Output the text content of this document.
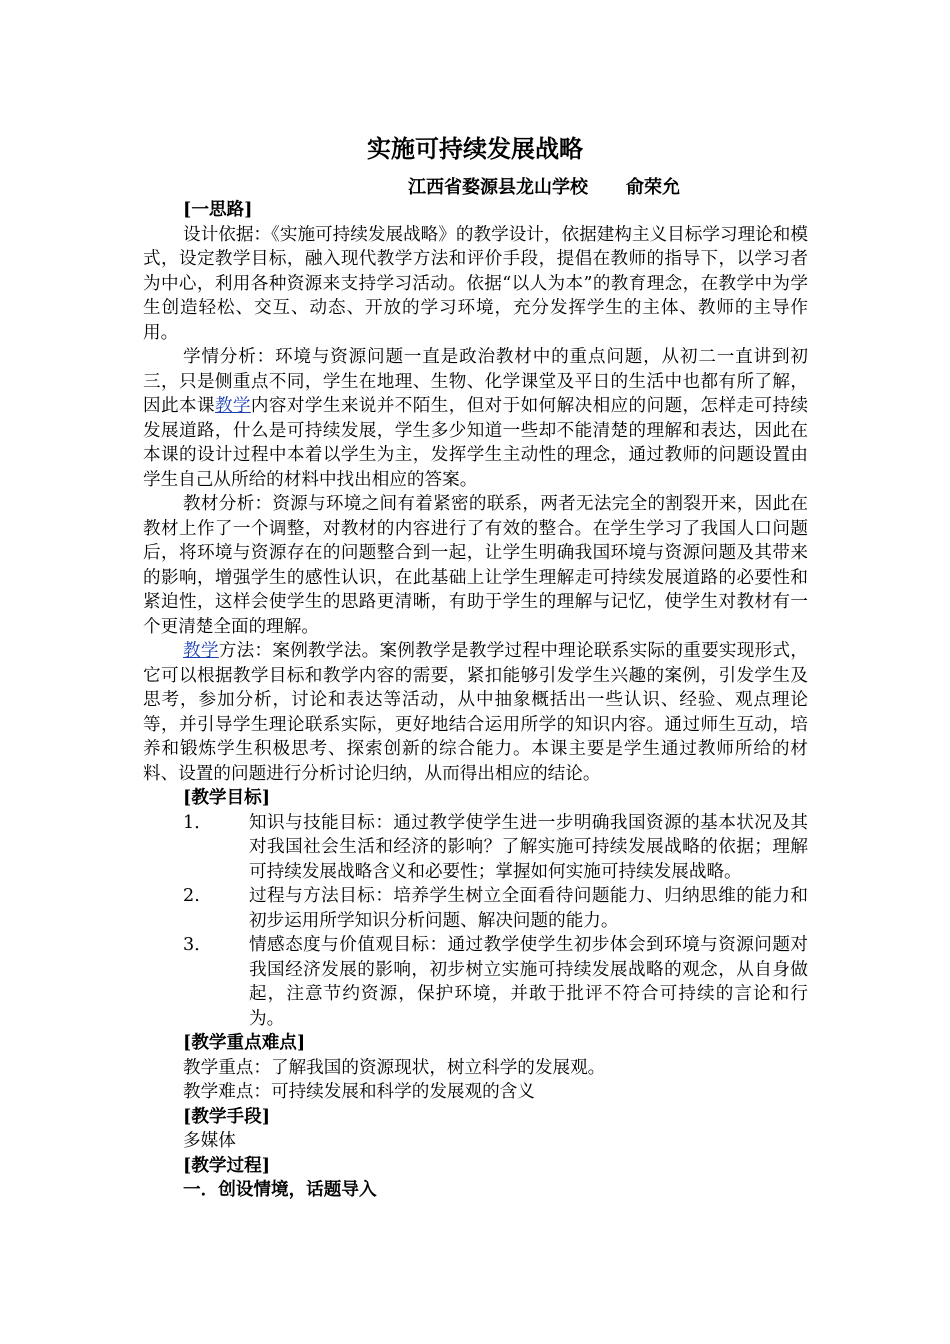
实施可持续发展战略
江西省婺源县龙山学校 俞荣允
[一思路]

设计依据：《实施可持续发展战略》的教学设计，依据建构主义目标学习理论和模式，设定教学目标，融入现代教学方法和评价手段，提倡在教师的指导下，以学习者为中心，利用各种资源来支持学习活动。依据“以人为本”的教育理念，在教学中为学生创造轻松、交互、动态、开放的学习环境，充分发挥学生的主体、教师的主导作用。

学情分析：环境与资源问题一直是政治教材中的重点问题，从初二一直讲到初三，只是侧重点不同，学生在地理、生物、化学课堂及平日的生活中也都有所了解，因此本课教学内容对学生来说并不陌生，但对于如何解决相应的问题，怎样走可持续发展道路，什么是可持续发展，学生多少知道一些却不能清楚的理解和表达，因此在本课的设计过程中本着以学生为主，发挥学生主动性的理念，通过教师的问题设置由学生自己从所给的材料中找出相应的答案。

教材分析：资源与环境之间有着紧密的联系，两者无法完全的割裂开来，因此在教材上作了一个调整，对教材的内容进行了有效的整合。在学生学习了我国人口问题后，将环境与资源存在的问题整合到一起，让学生明确我国环境与资源问题及其带来的影响，增强学生的感性认识，在此基础上让学生理解走可持续发展道路的必要性和紧迫性，这样会使学生的思路更清晰，有助于学生的理解与记忆，使学生对教材有一个更清楚全面的理解。

教学方法：案例教学法。案例教学是教学过程中理论联系实际的重要实现形式，它可以根据教学目标和教学内容的需要，紧扣能够引发学生兴趣的案例，引发学生及思考，参加分析，讨论和表达等活动，从中抽象概括出一些认识、经验、观点理论等，并引导学生理论联系实际，更好地结合运用所学的知识内容。通过师生互动，培养和锻炼学生积极思考、探索创新的综合能力。本课主要是学生通过教师所给的材料、设置的问题进行分析讨论归纳，从而得出相应的结论。

[教学目标]

1． 知识与技能目标：通过教学使学生进一步明确我国资源的基本状况及其对我国社会生活和经济的影响？了解实施可持续发展战略的依据；理解可持续发展战略含义和必要性；掌握如何实施可持续发展战略。

2.	过程与方法目标：培养学生树立全面看待问题能力、归纳思维的能力和初步运用所学知识分析问题、解决问题的能力。

3． 情感态度与价值观目标：通过教学使学生初步体会到环境与资源问题对我国经济发展的影响，初步树立实施可持续发展战略的观念，从自身做起，注意节约资源，保护环境，并敢于批评不符合可持续的言论和行为。

[教学重点难点]

教学重点：了解我国的资源现状，树立科学的发展观。

教学难点：可持续发展和科学的发展观的含义

[教学手段]

多媒体

[教学过程]
一．创设情境，话题导入
